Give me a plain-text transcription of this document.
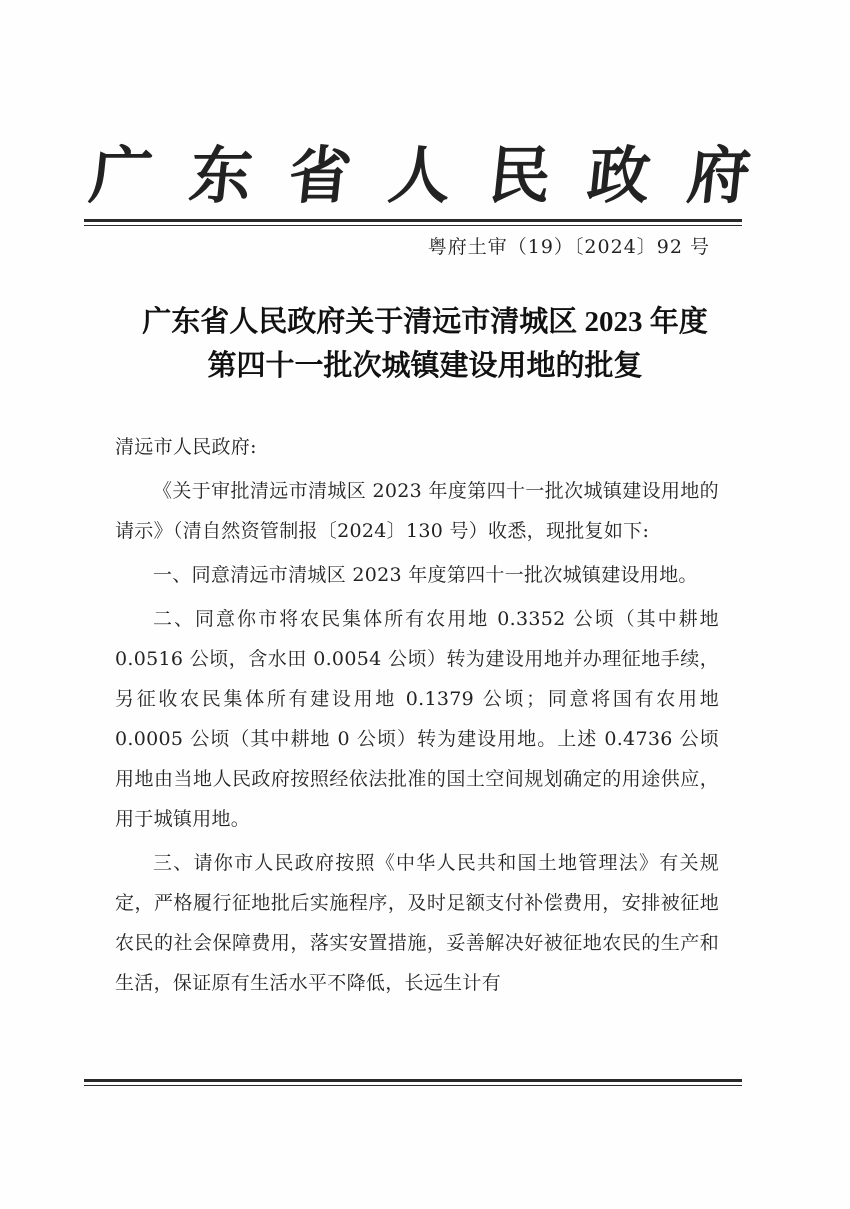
广 东 省 人 民 政 府
粤府土审（19）〔2024〕92 号
广东省人民政府关于清远市清城区 2023 年度
第四十一批次城镇建设用地的批复

清远市人民政府:

《关于审批清远市清城区 2023 年度第四十一批次城镇建设用地的请示》（清自然资管制报〔2024〕130 号）收悉，现批复如下:

一、同意清远市清城区 2023 年度第四十一批次城镇建设用地。

二、同意你市将农民集体所有农用地 0.3352 公顷（其中耕地 0.0516 公顷，含水田 0.0054 公顷）转为建设用地并办理征地手续，另征收农民集体所有建设用地 0.1379 公顷；同意将国有农用地 0.0005 公顷（其中耕地 0 公顷）转为建设用地。上述 0.4736 公顷用地由当地人民政府按照经依法批准的国土空间规划确定的用途供应，用于城镇用地。

三、请你市人民政府按照《中华人民共和国土地管理法》有关规定，严格履行征地批后实施程序，及时足额支付补偿费用，安排被征地农民的社会保障费用，落实安置措施，妥善解决好被征地农民的生产和生活，保证原有生活水平不降低，长远生计有
